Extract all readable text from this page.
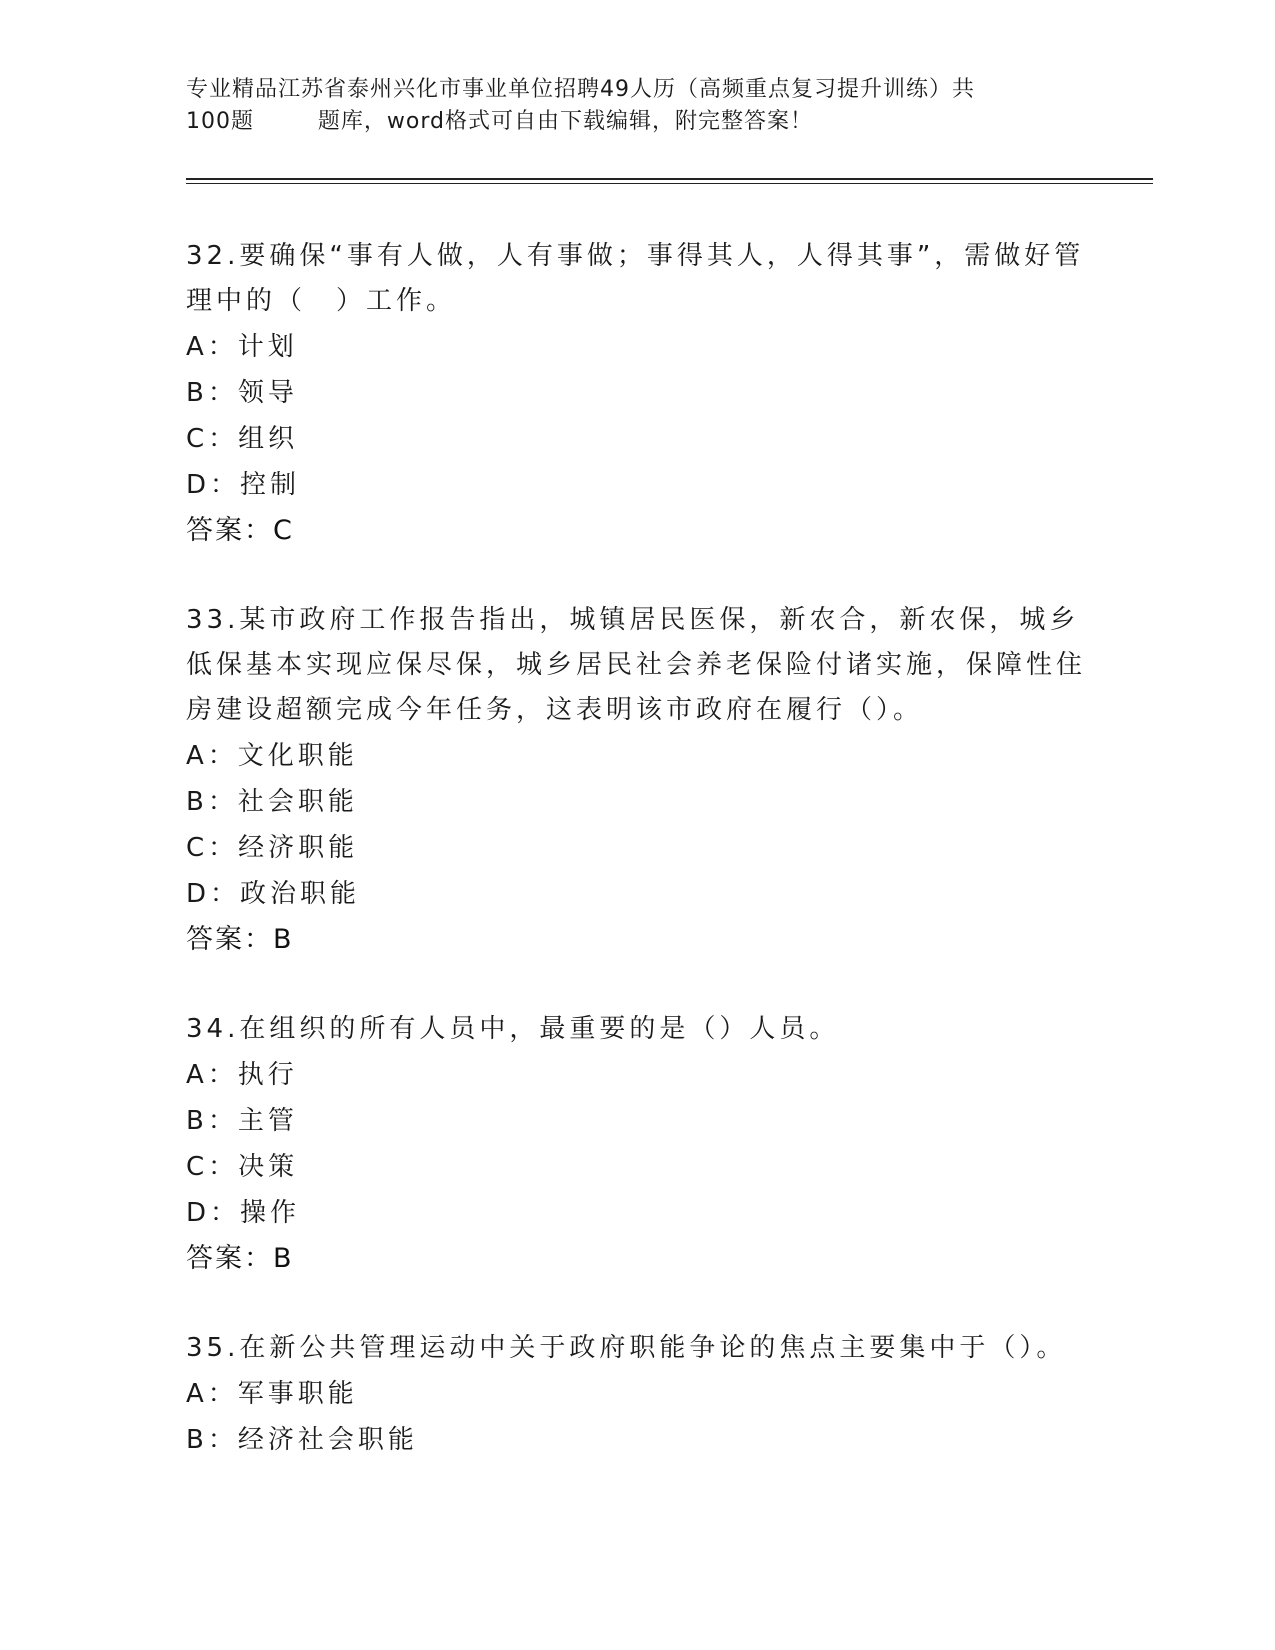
专业精品江苏省泰州兴化市事业单位招聘49人历（高频重点复习提升训练）共
100题        题库，word格式可自由下载编辑，附完整答案！

32.要确保“事有人做，人有事做；事得其人，人得其事”，需做好管理中的（　）工作。

A：计划

B：领导

C：组织

D：控制

答案：C

33.某市政府工作报告指出，城镇居民医保，新农合，新农保，城乡低保基本实现应保尽保，城乡居民社会养老保险付诸实施，保障性住房建设超额完成今年任务，这表明该市政府在履行（）。

A：文化职能

B：社会职能

C：经济职能

D：政治职能

答案：B

34.在组织的所有人员中，最重要的是（）人员。

A：执行

B：主管

C：决策

D：操作

答案：B

35.在新公共管理运动中关于政府职能争论的焦点主要集中于（）。

A：军事职能

B：经济社会职能
